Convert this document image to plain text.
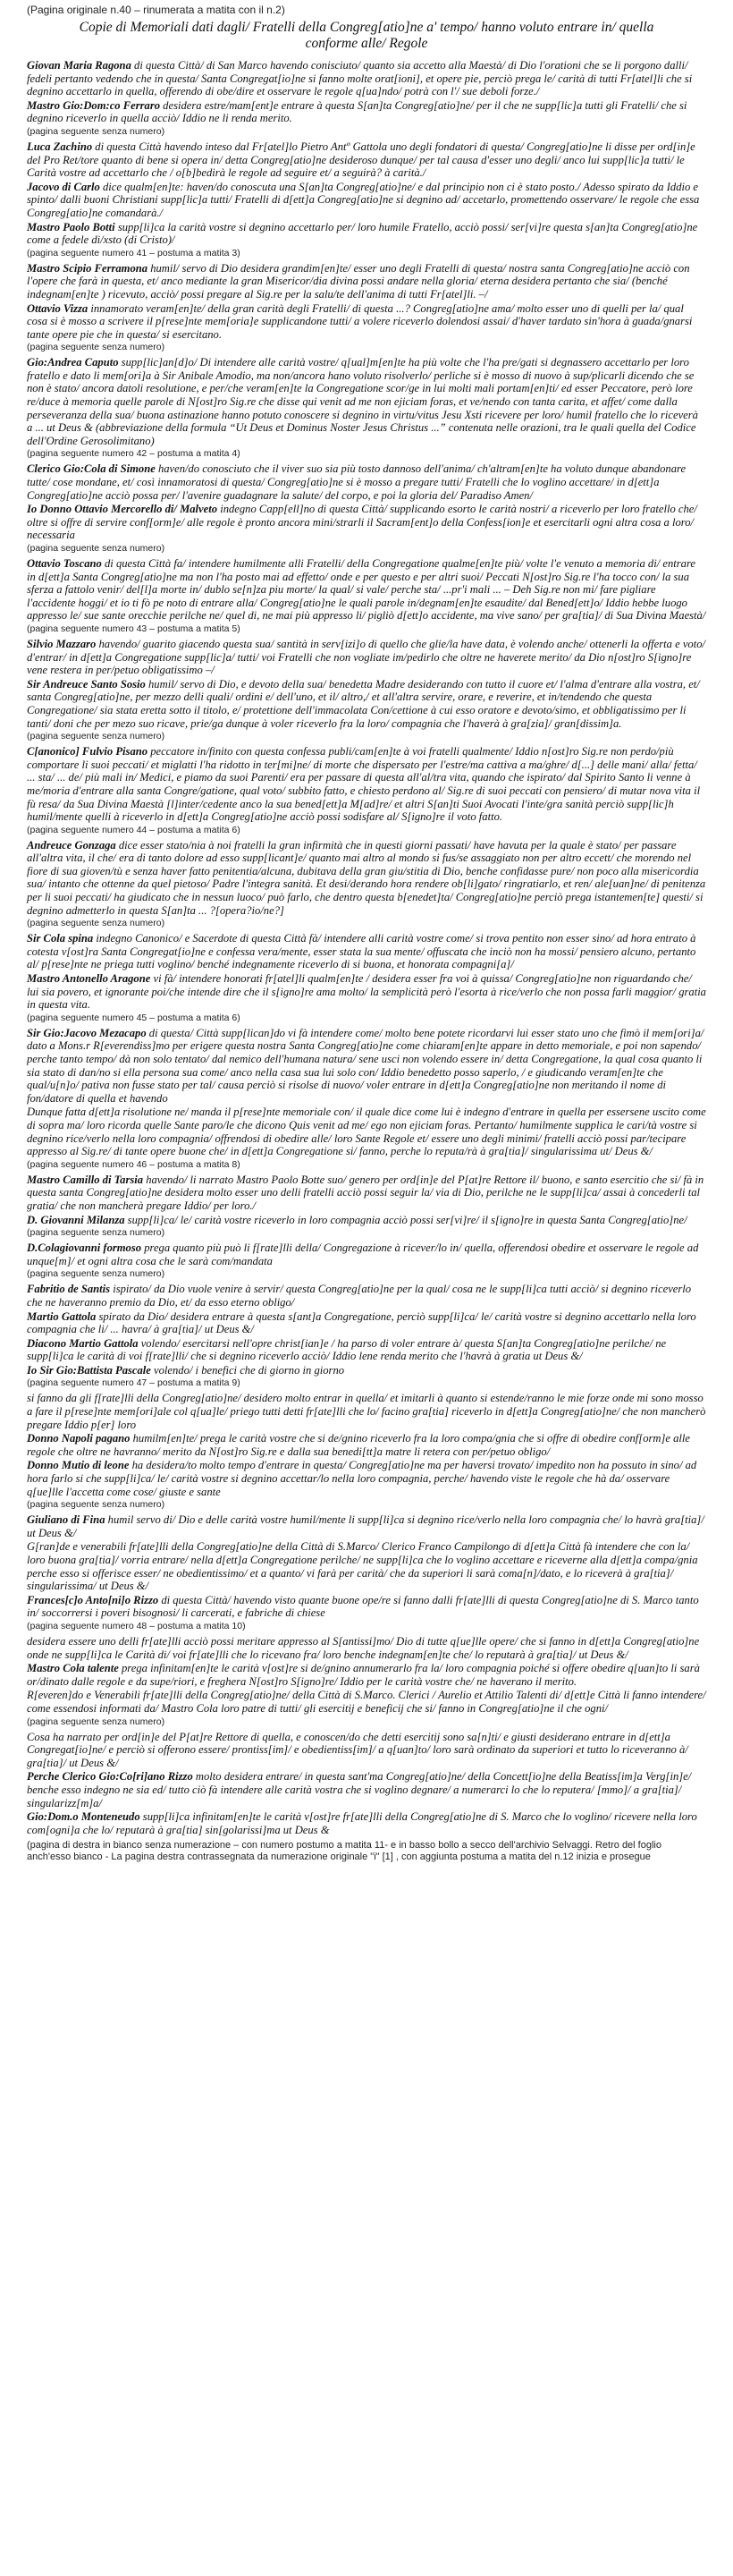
(Pagina originale n.40 – rinumerata a matita con il n.2)

Copie di Memoriali dati dagli/ Fratelli della Congreg[atio]ne a' tempo/ hanno voluto entrare in/ quella conforme alle/ Regole

Giovan Maria Ragona di questa Città/ di San Marco havendo conisciuto/ quanto sia accetto alla Maestà/ di Dio l'orationi che se li porgono dalli/ fedeli pertanto vedendo che in questa/ Santa Congregat[io]ne si fanno molte orat[ioni], et opere pie, perciò prega le/ carità di tutti Fr[atel]li che si degnino accettarlo in quella, offerendo di obe/dire et osservare le regole q[ua]ndo/ potrà con l'/ sue deboli forze./

Mastro Gio:Dom:co Ferraro desidera estre/mam[ent]e entrare à questa S[an]ta Congreg[atio]ne/ per il che ne supp[lic]a tutti gli Fratelli/ che si degnino riceverlo in quella acciò/ Iddio ne li renda merito.

(pagina seguente senza numero)

Luca Zachino di questa Città havendo inteso dal Fr[atel]lo Pietro Antº Gattola uno degli fondatori di questa/ Congreg[atio]ne li disse per ord[in]e del Pro Ret/tore quanto di bene si opera in/ detta Congreg[atio]ne desideroso dunque/ per tal causa d'esser uno degli/ anco lui supp[lic]a tutti/ le Carità vostre ad accettarlo che / o[b]bedirà le regole ad seguire et/ a seguirà? à carità./

Jacovo di Carlo dice qualm[en]te: haven/do conoscuta una S[an]ta Congreg[atio]ne/ e dal principio non ci è stato posto./ Adesso spirato da Iddio e spinto/ dalli buoni Christiani supp[lic]a tutti/ Fratelli di d[ett]a Congreg[atio]ne si degnino ad/ accetarlo, promettendo osservare/ le regole che essa Congreg[atio]ne comandarà./

Mastro Paolo Botti supp[li]ca la carità vostre si degnino accettarlo per/ loro humile Fratello, acciò possi/ ser[vi]re questa s[an]ta Congreg[atio]ne come a fedele di/xsto (di Cristo)/

(pagina seguente numero 41 – postuma a matita 3)

Mastro Scipio Ferramona humil/ servo di Dio desidera grandim[en]te/ esser uno degli Fratelli di questa/ nostra santa Congreg[atio]ne acciò con l'opere che farà in questa, et/ anco mediante la gran Misericor/dia divina possi andare nella gloria/ eterna desidera pertanto che sia/ (benché indegnam[en]te ) ricevuto, acciò/ possi pregare al Sig.re per la salu/te dell'anima di tutti Fr[atel]li. –/

Ottavio Vizza innamorato veram[en]te/ della gran carità degli Fratelli/ di questa ...? Congreg[atio]ne ama/ molto esser uno di quelli per la/ qual cosa si è mosso a scrivere il p[rese]nte mem[oria]e supplicandone tutti/ a volere riceverlo dolendosi assai/ d'haver tardato sin'hora à guada/gnarsi tante opere pie che in questa/ si esercitano.

(pagina seguente senza numero)

Gio:Andrea Caputo supp[lic]an[d]o/ Di intendere alle carità vostre/ q[ual]m[en]te ha più volte che l'ha pre/gati si degnassero accettarlo per loro fratello e dato li mem[ori]a à Sir Anibale Amodio, ma non/ancora hano voluto risolverlo/ perliche si è mosso di nuovo à sup/plicarli dicendo che se non è stato/ ancora datoli resolutione, e per/che veram[en]te la Congregatione scor/ge in lui molti mali portam[en]ti/ ed esser Peccatore, però lore re/duce à memoria quelle parole di N[ost]ro Sig.re che disse qui venit ad me non ejiciam foras, et ve/nendo con tanta carita, et affet/ come dalla perseveranza della sua/ buona astinazione hanno potuto conoscere si degnino in virtu/vitus Jesu Xsti ricevere per loro/ humil fratello che lo riceverà a ... ut Deus & (abbreviazione della formula “Ut Deus et Dominus Noster Jesus Christus ...” contenuta nelle orazioni, tra le quali quella del Codice dell'Ordine Gerosolimitano)

(pagina seguente numero 42 – postuma a matita 4)

Clerico Gio:Cola di Simone haven/do conosciuto che il viver suo sia più tosto dannoso dell'anima/ ch'altram[en]te ha voluto dunque abandonare tutte/ cose mondane, et/ così innamoratosi di questa/ Congreg[atio]ne si è mosso a pregare tutti/ Fratelli che lo voglino accettare/ in d[ett]a Congreg[atio]ne acciò possa per/ l'avenire guadagnare la salute/ del corpo, e poi la gloria del/ Paradiso Amen/

Io Donno Ottavio Mercorello di/ Malveto indegno Capp[ell]no di questa Città/ supplicando esorto le carità nostri/ a riceverlo per loro fratello che/ oltre si offre di servire conf[orm]e/ alle regole è pronto ancora mini/strarli il Sacram[ent]o della Confess[ion]e et esercitarli ogni altra cosa a loro/ necessaria

(pagina seguente senza numero)

Ottavio Toscano di questa Città fa/ intendere humilmente alli Fratelli/ della Congregatione qualme[en]te più/ volte l'e venuto a memoria di/ entrare in d[ett]a Santa Congreg[atio]ne ma non l'ha posto mai ad effetto/ onde e per questo e per altri suoi/ Peccati N[ost]ro Sig.re l'ha tocco con/ la sua sferza a fattolo venir/ del[l]a morte in/ dublo se[n]za piu morte/ la qual/ si vale/ perche sta/ ...pr'i mali ... – Deh Sig.re non mi/ fare pigliare l'accidente hoggi/ et io ti fò pe noto di entrare alla/ Congreg[atio]ne le quali parole in/degnam[en]te esaudite/ dal Bened[ett]o/ Iddio hebbe luogo appresso le/ sue sante orecchie perilche ne/ quel di, ne mai più appresso li/ pigliò d[ett]o accidente, ma vive sano/ per gra[tia]/ di Sua Divina Maestà/

(pagina seguente numero 43 – postuma a matita 5)

Silvio Mazzaro havendo/ guarito giacendo questa sua/ santità in serv[izi]o di quello che glie/la have data, è volendo anche/ ottenerli la offerta e voto/ d'entrar/ in d[ett]a Congregatione supp[lic]a/ tutti/ voi Fratelli che non vogliate im/pedirlo che oltre ne haverete merito/ da Dio n[ost]ro S[igno]re vene restera in per/petuo obligatissimo –/

Sir Andreuce Santo Sosio humil/ servo di Dio, e devoto della sua/ benedetta Madre desiderando con tutto il cuore et/ l'alma d'entrare alla vostra, et/ santa Congreg[atio]ne, per mezzo delli quali/ ordini e/ dell'uno, et il/ altro,/ et all'altra servire, orare, e reverire, et in/tendendo che questa Congregatione/ sia stata eretta sotto il titolo, e/ protettione dell'immacolata Con/cettione à cui esso oratore e devoto/simo, et obbligatissimo per li tanti/ doni che per mezo suo ricave, prie/ga dunque à voler riceverlo fra la loro/ compagnia che l'haverà à gra[zia]/ gran[dissim]a.

(pagina seguente senza numero)

C[anonico] Fulvio Pisano peccatore in/finito con questa confessa publi/cam[en]te à voi fratelli qualmente/ Iddio n[ost]ro Sig.re non perdo/più comportare li suoi peccati/ et miglatti l'ha ridotto in ter[mi]ne/ di morte che dispersato per l'estre/ma cattiva a ma/ghre/ d[...] delle mani/ alla/ fetta/ ... sta/ ... de/ più mali in/ Medici, e piamo da suoi Parenti/ era per passare di questa all'al/tra vita, quando che ispirato/ dal Spirito Santo li venne à me/moria d'entrare alla santa Congre/gatione, qual voto/ subbito fatto, e chiesto perdono al/ Sig.re di suoi peccati con pensiero/ di mutar nova vita il fù resa/ da Sua Divina Maestà [l]inter/cedente anco la sua bened[ett]a M[ad]re/ et altri S[an]ti Suoi Avocati l'inte/gra sanità perciò supp[lic]h humil/mente quelli à riceverlo in d[ett]a Congreg[atio]ne acciò possi sodisfare al/ S[igno]re il voto fatto.

(pagina seguente numero 44 – postuma a matita 6)

Andreuce Gonzaga dice esser stato/nia à noi fratelli la gran infirmità che in questi giorni passati/ have havuta per la quale è stato/ per passare all'altra vita, il che/ era di tanto dolore ad esso supp[licant]e/ quanto mai altro al mondo si fus/se assaggiato non per altro eccett/ che morendo nel fiore di sua gioven/tù e senza haver fatto penitentia/alcuna, dubitava della gran giu/stitia di Dio, benche confidasse pure/ non poco alla misericordia sua/ intanto che ottenne da quel pietoso/ Padre l'integra sanità. Et desi/derando hora rendere ob[li]gato/ ringratiarlo, et ren/ ale[uan]ne/ di penitenza per li suoi peccati/ ha giudicato che in nessun luoco/ può farlo, che dentro questa b[enedet]ta/ Congreg[atio]ne perciò prega istantemen[te] questi/ si degnino admetterlo in questa S[an]ta ... ?[opera?io/ne?]

(pagina seguente senza numero)

Sir Cola spina indegno Canonico/ e Sacerdote di questa Città fà/ intendere alli carità vostre come/ si trova pentito non esser sino/ ad hora entrato à cotesta v[ost]ra Santa Congregat[io]ne e confessa vera/mente, esser stata la sua mente/ offuscata che inciò non ha mossi/ pensiero alcuno, pertanto al/ p[rese]nte ne priega tutti voglino/ benché indegnamente riceverlo di si buona, et honorata compagni[a]/

Mastro Antonello Aragone vi fà/ intendere honorati fr[atel]li qualm[en]te / desidera esser fra voi à quissa/ Congreg[atio]ne non riguardando che/ lui sia povero, et ignorante poi/che intende dire che il s[igno]re ama molto/ la semplicità però l'esorta à rice/verlo che non possa farli maggior/ gratia in questa vita.

(pagina seguente numero 45 – postuma a matita 6)

Sir Gio:Jacovo Mezacapo di questa/ Città supp[lican]do vi fà intendere come/ molto bene potete ricordarvi lui esser stato uno che fimò il mem[ori]a/ dato a Mons.r R[everendiss]mo per erigere questa nostra Santa Congreg[atio]ne come chiaram[en]te appare in detto memoriale, e poi non sapendo/ perche tanto tempo/ dà non solo tentato/ dal nemico dell'humana natura/ sene usci non volendo essere in/ detta Congregatione, la qual cosa quanto li sia stato di dan/no si ella persona sua come/ anco nella casa sua lui solo con/ Iddio benedetto posso saperlo, / e giudicando veram[en]te che qual/u[n]o/ pativa non fusse stato per tal/ causa perciò si risolse di nuovo/ voler entrare in d[ett]a Congreg[atio]ne non meritando il nome di fon/datore di quella et havendo

Dunque fatta d[ett]a risolutione ne/ manda il p[rese]nte memoriale con/ il quale dice come lui è indegno d'entrare in quella per essersene uscito come di sopra ma/ loro ricorda quelle Sante paro/le che dicono Quis venit ad me/ ego non ejiciam foras. Pertanto/ humilmente supplica le cari/tà vostre si degnino rice/verlo nella loro compagnia/ offrendosi di obedire alle/ loro Sante Regole et/ essere uno degli minimi/ fratelli acciò possi par/tecipare appresso al Sig.re/ di tante opere buone che/ in d[ett]a Congregatione si/ fanno, perche lo reputa/rà à gra[tia]/ singularissima ut/ Deus &/

(pagina seguente numero 46 – postuma a matita 8)

Mastro Camillo di Tarsia havendo/ li narrato Mastro Paolo Botte suo/ genero per ord[in]e del P[at]re Rettore il/ buono, e santo esercitio che si/ fà in questa santa Congreg[atio]ne desidera molto esser uno delli fratelli acciò possi seguir la/ via di Dio, perilche ne le supp[li]ca/ assai à concederli tal gratia/ che non mancherà pregare Iddio/ per loro./

D. Giovanni Milanza supp[li]ca/ le/ carità vostre riceverlo in loro compagnia acciò possi ser[vi]re/ il s[igno]re in questa Santa Congreg[atio]ne/

(pagina seguente senza numero)

D.Colagiovanni formoso prega quanto più può li f[rate]lli della/ Congregazione à ricever/lo in/ quella, offerendosi obedire et osservare le regole ad unque[m]/ et ogni altra cosa che le sarà com/mandata

(pagina seguente senza numero)

Fabritio de Santis ispirato/ da Dio vuole venire à servir/ questa Congreg[atio]ne per la qual/ cosa ne le supp[li]ca tutti acciò/ si degnino riceverlo che ne haveranno premio da Dio, et/ da esso eterno obligo/

Martio Gattola spirato da Dio/ desidera entrare à questa s[ant]a Congregatione, perciò supp[li]ca/ le/ carità vostre si degnino accettarlo nella loro compagnia che li/ ... havra/ à gra[tia]/ ut Deus &/

Diacono Martio Gattola volendo/ esercitarsi nell'opre christ[ian]e / ha parso di voler entrare à/ questa S[an]ta Congreg[atio]ne perilche/ ne supp[li]ca le carità di voi f[rate]lli/ che si degnino riceverlo acciò/ Iddio lene renda merito che l'havrà à gratia ut Deus &/

Io Sir Gio:Battista Pascale volendo/ i benefici che di giorno in giorno

(pagina seguente numero 47 – postuma a matita 9)

si fanno da gli f[rate]lli della Congreg[atio]ne/ desidero molto entrar in quella/ et imitarli à quanto si estende/ranno le mie forze onde mi sono mosso a fare il p[rese]nte mem[ori]ale col q[ua]le/ priego tutti detti fr[ate]lli che lo/ facino gra[tia] riceverlo in d[ett]a Congreg[atio]ne/ che non mancherò pregare Iddio p[er] loro

Donno Napoli pagano humilm[en]te/ prega le carità vostre che si de/gnino riceverlo fra la loro compa/gnia che si offre di obedire conf[orm]e alle regole che oltre ne havranno/ merito da N[ost]ro Sig.re e dalla sua benedi[tt]a matre li retera con per/petuo obligo/

Donno Mutio di leone ha desidera/to molto tempo d'entrare in questa/ Congreg[atio]ne ma per haversi trovato/ impedito non ha possuto in sino/ ad hora farlo si che supp[li]ca/ le/ carità vostre si degnino accettar/lo nella loro compagnia, perche/ havendo viste le regole che hà da/ osservare q[ue]lle l'accetta come cose/ giuste e sante

(pagina seguente senza numero)

Giuliano di Fina humil servo di/ Dio e delle carità vostre humil/mente li supp[li]ca si degnino rice/verlo nella loro compagnia che/ lo havrà gra[tia]/ ut Deus &/

G[ran]de e venerabili fr[ate]lli della Congreg[atio]ne della Città di S.Marco/ Clerico Franco Campilongo di d[ett]a Città fà intendere che con la/ loro buona gra[tia]/ vorria entrare/ nella d[ett]a Congregatione perilche/ ne supp[li]ca che lo voglino accettare e riceverne alla d[ett]a compa/gnia perche esso si offerisce esser/ ne obedientissimo/ et a quanto/ vi farà per carità/ che da superiori li sarà coma[n]/dato, e lo riceverà à gra[tia]/ singularissima/ ut Deus &/

Frances[c]o Anto[ni]o Rizzo di questa Città/ havendo visto quante buone ope/re si fanno dalli fr[ate]lli di questa Congreg[atio]ne di S. Marco tanto in/ soccorrersi i poveri bisognosi/ li carcerati, e fabriche di chiese

(pagina seguente numero 48 – postuma a matita 10)

desidera essere uno delli fr[ate]lli acciò possi meritare appresso al S[antissi]mo/ Dio di tutte q[ue]lle opere/ che si fanno in d[ett]a Congreg[atio]ne onde ne supp[li]ca le Carità di/ voi fr[ate]lli che lo ricevano fra/ loro benche indegnam[en]te che/ lo reputarà à gra[tia]/ ut Deus &/

Mastro Cola talente prega infinitam[en]te le carità v[ost]re si de/gnino annumerarlo fra la/ loro compagnia poiché si offere obedire q[uan]to li sarà or/dinato dalle regole e da supe/riori, e freghera N[ost]ro S[igno]re/ Iddio per le carità vostre che/ ne haverano il merito.

R[everen]do e Venerabili fr[ate]lli della Congreg[atio]ne/ della Città di S.Marco. Clerici / Aurelio et Attilio Talenti di/ d[ett]e Città li fanno intendere/ come essendosi informati da/ Mastro Cola loro patre di tutti/ gli esercitij e beneficij che si/ fanno in Congreg[atio]ne il che ogni/

(pagina seguente senza numero)

Cosa ha narrato per ord[in]e del P[at]re Rettore di quella, e conoscen/do che detti esercitij sono sa[n]ti/ e giusti desiderano entrare in d[ett]a Congregat[io]ne/ e perciò si offerono essere/ prontiss[im]/ e obedientiss[im]/ a q[uan]to/ loro sarà ordinato da superiori et tutto lo riceveranno à/ gra[tia]/ ut Deus &/

Perche Clerico Gio:Co[ri]ano Rizzo molto desidera entrare/ in questa sant'ma Congreg[atio]ne/ della Concett[io]ne della Beatiss[im]a Verg[in]e/ benche esso indegno ne sia ed/ tutto ciò fà intendere alle carità vostra che si voglino degnare/ a numerarci lo che lo reputera/ [mmo]/ a gra[tia]/ singularizz[m]a/

Gio:Dom.o Monteneudo supp[li]ca infinitam[en]te le carità v[ost]re fr[ate]lli della Congreg[atio]ne di S. Marco che lo voglino/ ricevere nella loro com[ogni]a che lo/ reputarà à gra[tia] sin[golarissi]ma ut Deus &

(pagina di destra in bianco senza numerazione – con numero postumo a matita 11- e in basso bollo a secco dell'archivio Selvaggi. Retro del foglio anch'esso bianco - La pagina destra contrassegnata da numerazione originale "i" [1] , con aggiunta postuma a matita del n.12 inizia e prosegue
